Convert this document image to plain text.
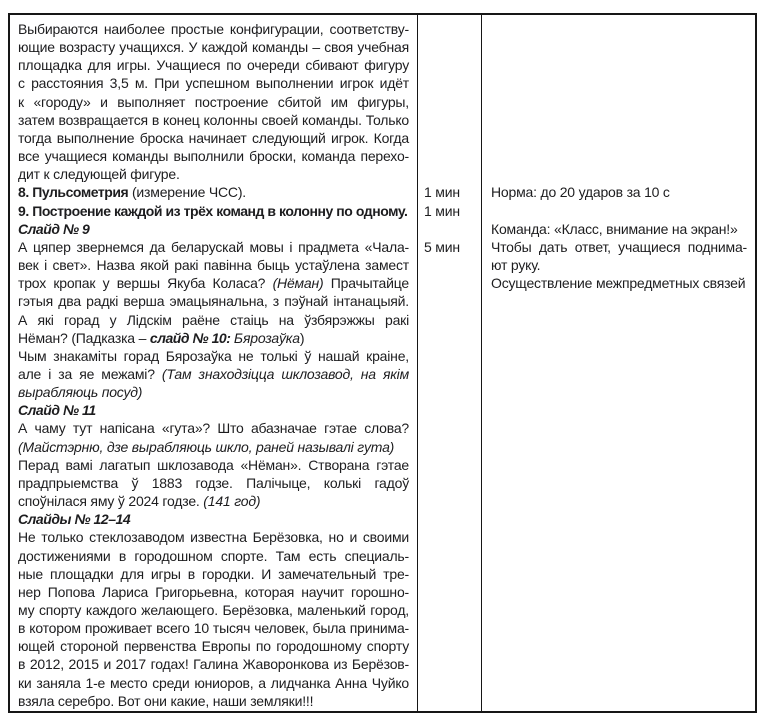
Выбираются наиболее простые конфигурации, соответству-
ющие возрасту учащихся. У каждой команды – своя учебная
площадка для игры. Учащиеся по очереди сбивают фигуру
с расстояния 3,5 м. При успешном выполнении игрок идёт
к «городу» и выполняет построение сбитой им фигуры,
затем возвращается в конец колонны своей команды. Только
тогда выполнение броска начинает следующий игрок. Когда
все учащиеся команды выполнили броски, команда перехо-
дит к следующей фигуре.
8. Пульсометрия (измерение ЧСС).
9. Построение каждой из трёх команд в колонну по одному.
Слайд № 9
А цяпер звернемся да беларускай мовы і прадмета «Чала-
век і свет». Назва якой ракі павінна быць устаўлена замест
трох кропак у вершы Якуба Коласа? (Нёман) Прачытайце
гэтыя два радкі верша эмацыянальна, з пэўнай інтанацыяй.
А які горад у Лідскім раёне стаіць на ўзбярэжжы ракі
Нёман? (Падказка – слайд № 10: Бярозаўка)
Чым знакаміты горад Бярозаўка не толькі ў нашай краіне,
але і за яе межамі? (Там знаходзіцца шклозавод, на якім
вырабляюць посуд)
Слайд № 11
А чаму тут напісана «гута»? Што абазначае гэтае слова?
(Майстэрню, дзе вырабляюць шкло, раней называлі гута)
Перад вамі лагатып шклозавода «Нёман». Створана гэтае
прадпрыемства ў 1883 годзе. Палічыце, колькі гадоў
споўнілася яму ў 2024 годзе. (141 год)
Слайды № 12–14
Не только стеклозаводом известна Берёзовка, но и своими
достижениями в городошном спорте. Там есть специаль-
ные площадки для игры в городки. И замечательный тре-
нер Попова Лариса Григорьевна, которая научит горошно-
му спорту каждого желающего. Берёзовка, маленький город,
в котором проживает всего 10 тысяч человек, была принима-
ющей стороной первенства Европы по городошному спорту
в 2012, 2015 и 2017 годах! Галина Жаворонкова из Берёзов-
ки заняла 1-е место среди юниоров, а лидчанка Анна Чуйко
взяла серебро. Вот они какие, наши земляки!!!
1 мин
1 мин
5 мин
Норма: до 20 ударов за 10 с
Команда: «Класс, внимание на экран!»
Чтобы дать ответ, учащиеся поднима-
ют руку.
Осуществление межпредметных связей
